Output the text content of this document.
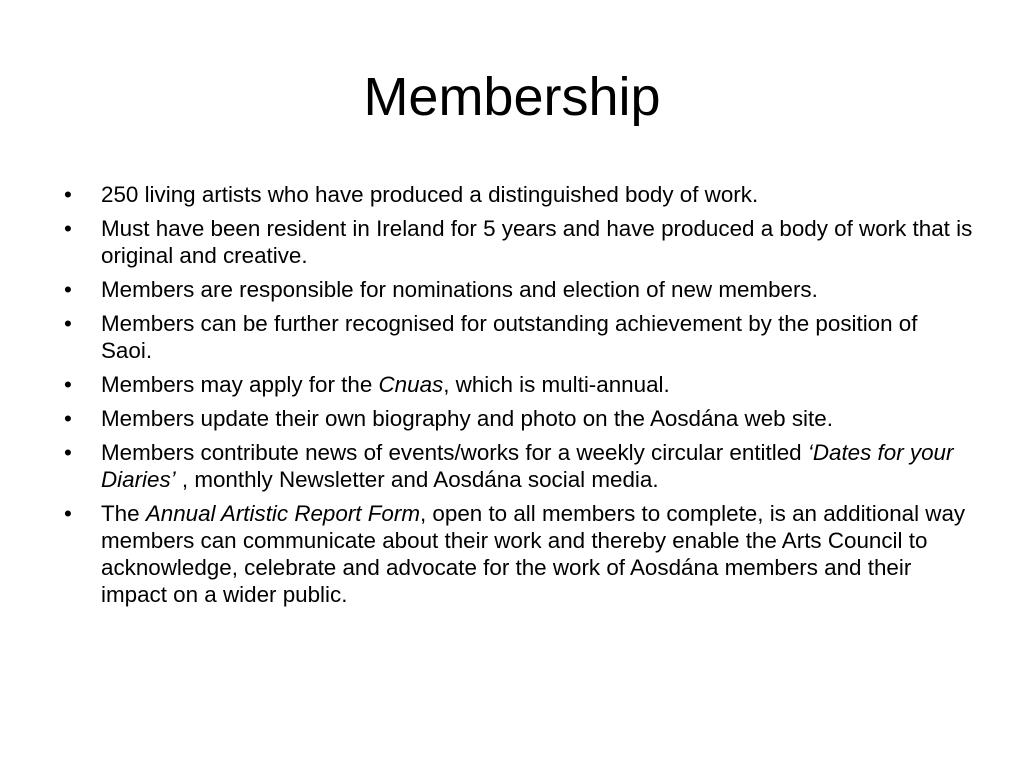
Membership
•	250 living artists who have produced a distinguished body of work.
•	Must have been resident in Ireland for 5 years and have produced a body of work that is original and creative.
•	Members are responsible for nominations and election of new members.
•	Members can be further recognised for outstanding achievement by the position of Saoi.
•	Members may apply for the Cnuas, which is multi-annual.
•	Members update their own biography and photo on the Aosdána web site.
•	Members contribute news of events/works for a weekly circular entitled ‘Dates for your Diaries’ , monthly Newsletter and Aosdána social media.
•	The Annual Artistic Report Form, open to all members to complete, is an additional way members can communicate about their work and thereby enable the Arts Council to acknowledge, celebrate and advocate for the work of Aosdána members and their impact on a wider public.
